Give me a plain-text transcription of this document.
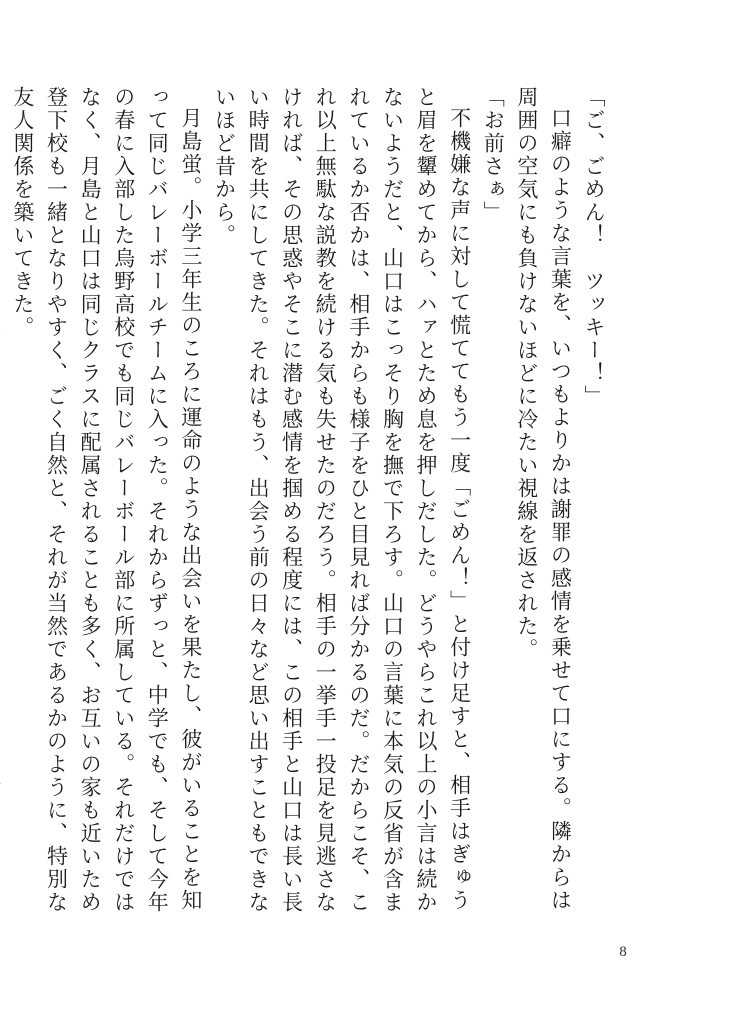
「ご、ごめん！　ツッキー！」

口癖のような言葉を、いつもよりかは謝罪の感情を乗せて口にする。隣からは周囲の空気にも負けないほどに冷たい視線を返された。

「お前さぁ」

不機嫌な声に対して慌ててもう一度「ごめん！」と付け足すと、相手はぎゅうと眉を顰めてから、ハァとため息を押しだした。どうやらこれ以上の小言は続かないようだと、山口はこっそり胸を撫で下ろす。山口の言葉に本気の反省が含まれているか否かは、相手からも様子をひと目見れば分かるのだ。だからこそ、これ以上無駄な説教を続ける気も失せたのだろう。相手の一挙手一投足を見逃さなければ、その思惑やそこに潜む感情を掴める程度には、この相手と山口は長い長い時間を共にしてきた。それはもう、出会う前の日々など思い出すこともできないほど昔から。

月島蛍。小学三年生のころに運命のような出会いを果たし、彼がいることを知って同じバレーボールチームに入った。それからずっと、中学でも、そして今年の春に入部した烏野高校でも同じバレーボール部に所属している。それだけではなく、月島と山口は同じクラスに配属されることも多く、お互いの家も近いため登下校も一緒となりやすく、ごく自然と、それが当然であるかのように、特別な友人関係を築いてきた。

8
